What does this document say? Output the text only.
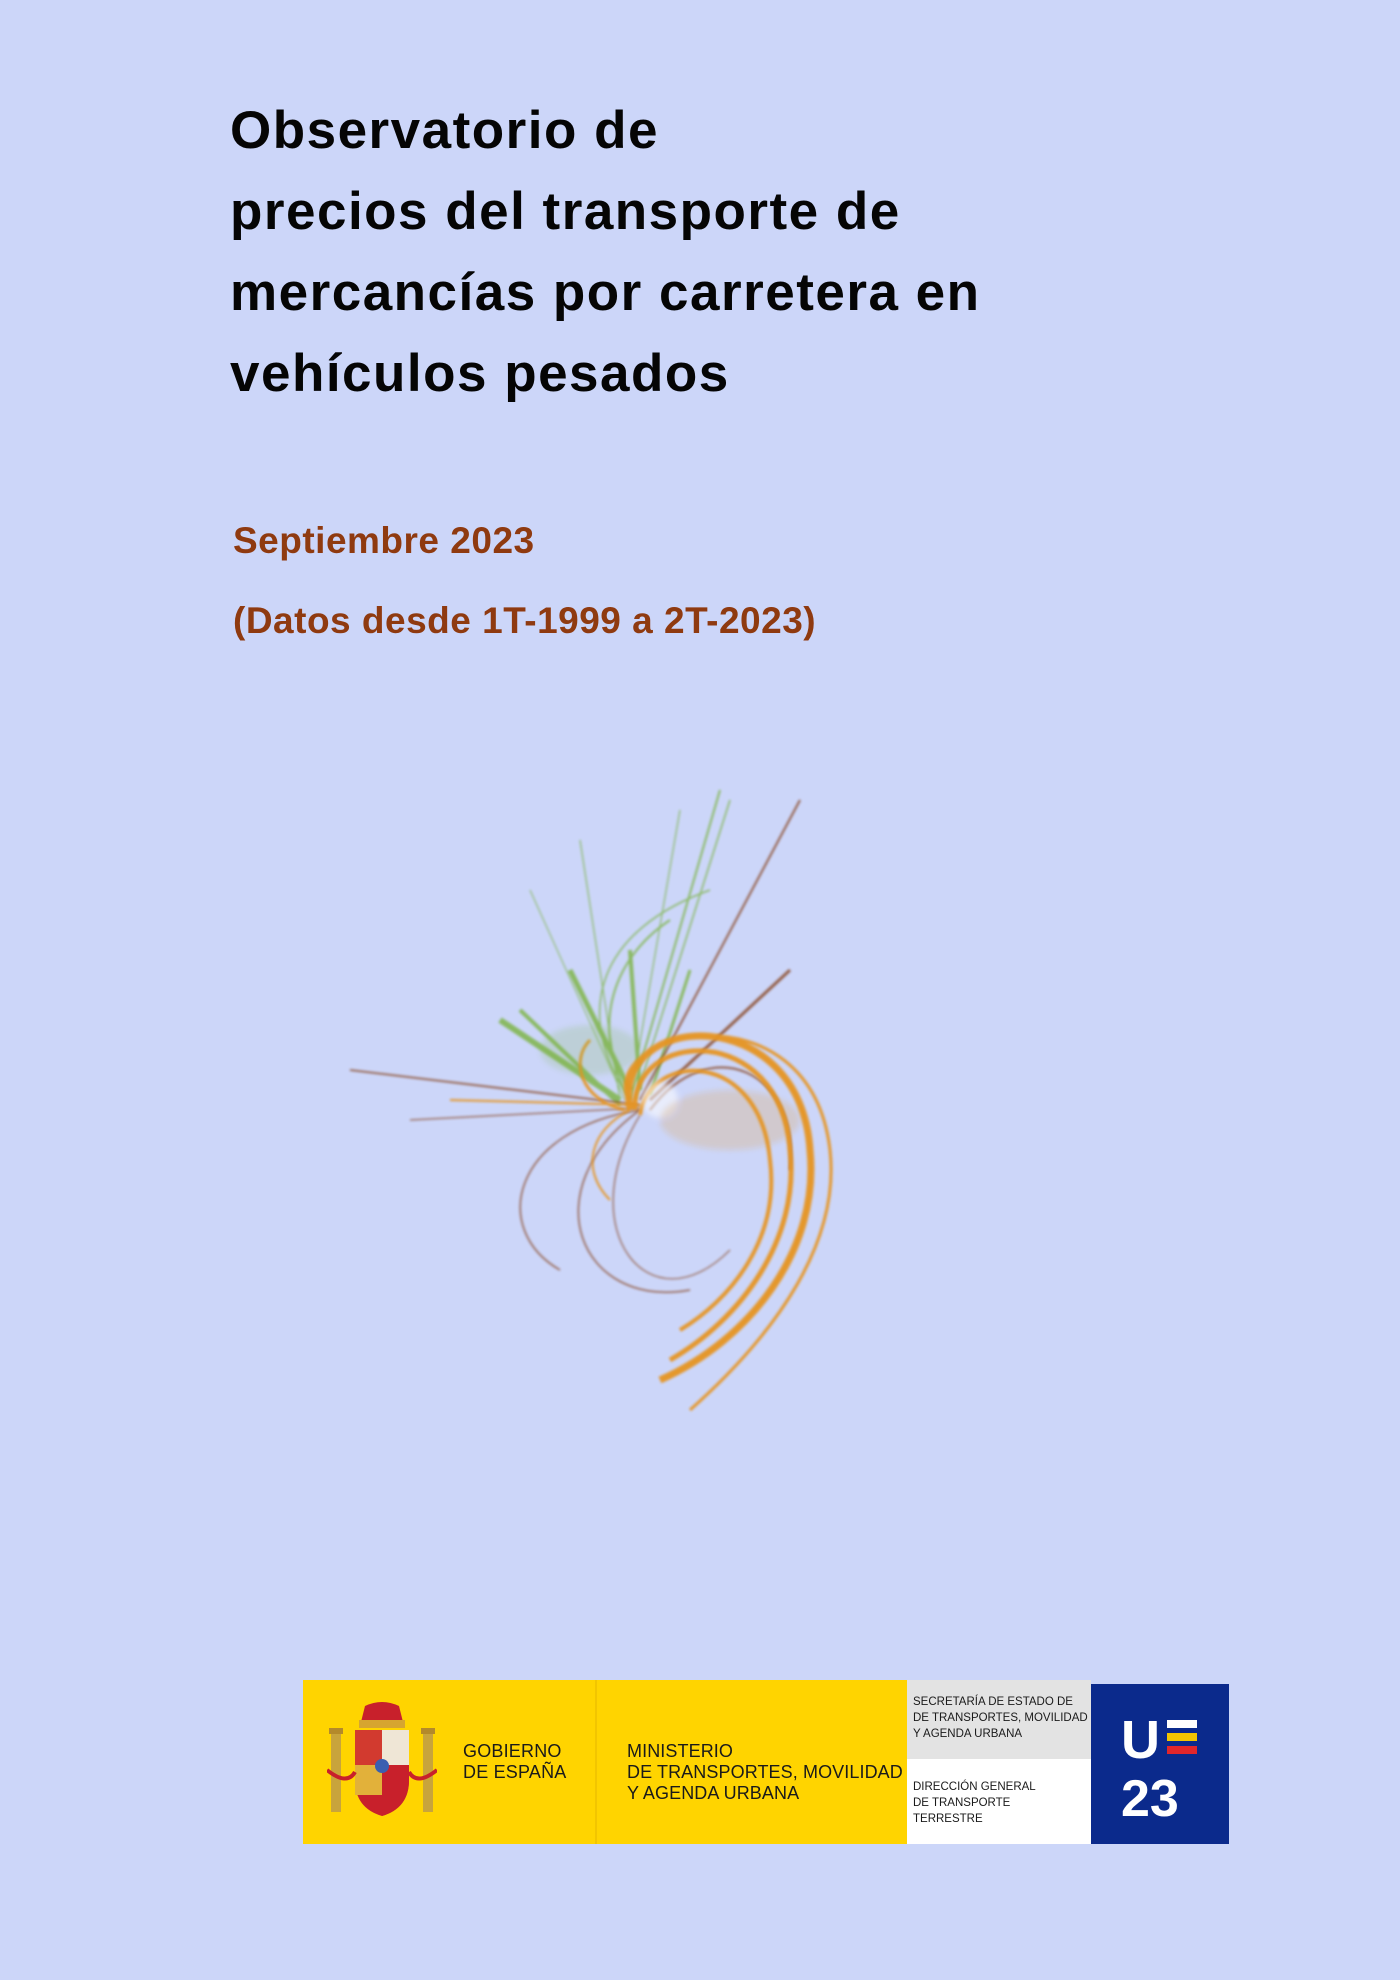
Observatorio de
precios del transporte de
mercancías por carretera en
vehículos pesados
Septiembre 2023
(Datos desde 1T-1999 a 2T-2023)
GOBIERNO
DE ESPAÑA
MINISTERIO
DE TRANSPORTES, MOVILIDAD
Y AGENDA URBANA
SECRETARÍA DE ESTADO DE
DE TRANSPORTES, MOVILIDAD
Y AGENDA URBANA
DIRECCIÓN GENERAL
DE TRANSPORTE
TERRESTRE
U
23
